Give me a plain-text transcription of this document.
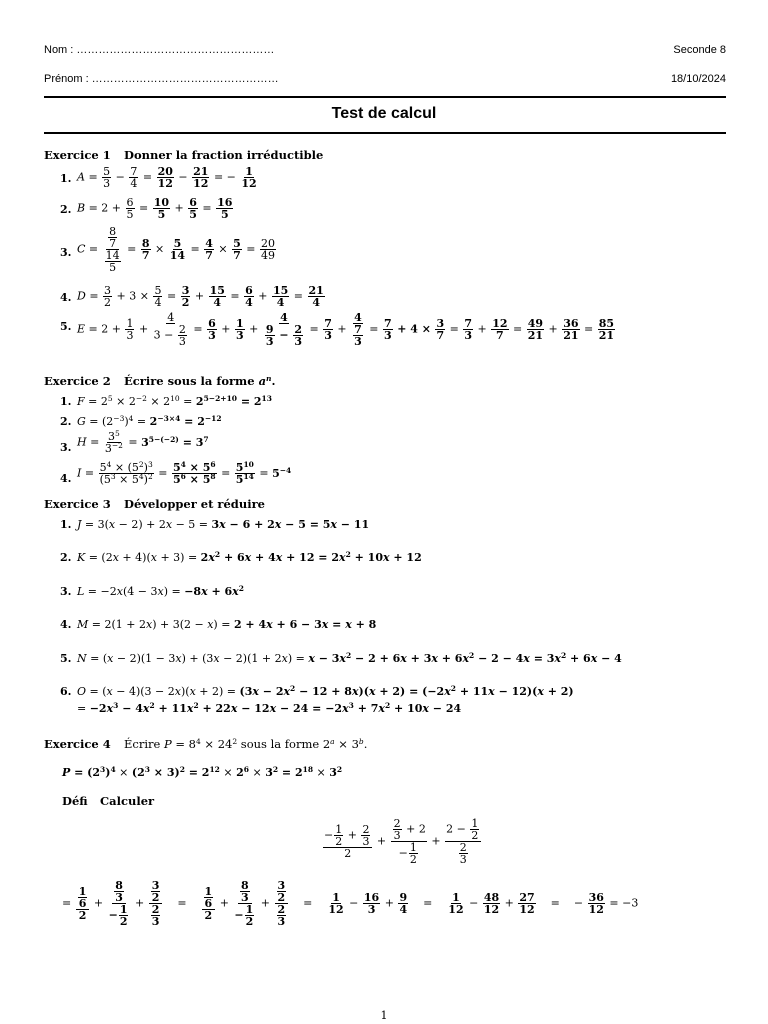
Nom : ………………………………………………	Seconde 8
Prénom : ……………………………………………	18/10/2024
Test de calcul
Exercice 1 Donner la fraction irréductible
1. $A = \frac{5}{3} - \frac{7}{4} = \frac{20}{12} - \frac{21}{12}$ = − $\frac{1}{12}$
2. $B = 2 + \frac{6}{5} = \frac{10}{5} + \frac{6}{5} = \frac{16}{5}$
3. $C = \frac{\frac{8}{7}}{\frac{14}{5}} = \frac{8}{7} \times \frac{5}{14} = \frac{4}{7} \times \frac{5}{7} = \frac{20}{49}$
4. $D = \frac{3}{2} + 3 \times \frac{5}{4} = \frac{3}{2} + \frac{15}{4} = \frac{6}{4} + \frac{15}{4} = \frac{21}{4}$
5. $E = 2 + \frac{1}{3} + \frac{4}{3 - \frac{2}{3}} = \frac{6}{3} + \frac{1}{3} + \frac{4}{\frac{9}{3} - \frac{2}{3}} = \frac{7}{3} + \frac{4}{\frac{7}{3}} = \frac{7}{3} + 4 \times \frac{3}{7} = \frac{7}{3} + \frac{12}{7} = \frac{49}{21} + \frac{36}{21} = \frac{85}{21}$
Exercice 2 Écrire sous la forme $a^n$.
1. $F = 2^5 \times 2^{-2} \times 2^{10} = 2^{5-2+10} = 2^{13}$
2. $G = (2^{-3})^4 = 2^{-3\times 4} = 2^{-12}$
3. $H = \frac{3^5}{3^{-2}} = 3^{5-(-2)} = 3^7$
4. $I = \frac{5^4 \times (5^2)^3}{(5^3 \times 5^4)^2} = \frac{5^4 \times 5^6}{5^6 \times 5^8} = \frac{5^{10}}{5^{14}} = 5^{-4}$
Exercice 3 Développer et réduire
1. J = 3(x − 2) + 2x − 5 = 3x − 6 + 2x − 5 = 5x − 11
2. $K = (2x + 4)(x + 3) = 2x^2 + 6x + 4x + 12 = 2x^2 + 10x + 12$
3. $L = -2x(4 - 3x) = -8x + 6x^2$
4. M = 2(1 + 2x) + 3(2 − x) = 2 + 4x + 6 − 3x = x + 8
5. $N = (x - 2)(1 - 3x) + (3x - 2)(1 + 2x) = x - 3x^2 - 2 + 6x + 3x + 6x^2 - 2 - 4x = 3x^2 + 6x - 4$
6. $O = (x - 4)(3 - 2x)(x + 2) = (3x - 2x^2 - 12 + 8x)(x + 2) = (-2x^2 + 11x - 12)(x + 2)$
= $-2x^3 - 4x^2 + 11x^2 + 22x - 12x - 24 = -2x^3 + 7x^2 + 10x - 24$
Exercice 4 Écrire $P = 8^4 \times 24^2$ sous la forme $2^a \times 3^b$.
$P = (2^3)^4 \times (2^3 \times 3)^2 = 2^{12} \times 2^6 \times 3^2 = 2^{18} \times 3^2$
Défi Calculer
$\frac{- \frac{1}{2} + \frac{2}{3}}{2} + \frac{\frac{2}{3} + 2}{- \frac{1}{2}} + \frac{2 - \frac{1}{2}}{\frac{2}{3}}$
= $\frac{\frac{1}{6}}{2} + \frac{\frac{8}{3}}{- \frac{1}{2}} + \frac{\frac{3}{2}}{\frac{2}{3}} = \frac{\frac{1}{6}}{2} + \frac{\frac{8}{3}}{- \frac{1}{2}} + \frac{\frac{3}{2}}{\frac{2}{3}} = \frac{1}{12} - \frac{16}{3} + \frac{9}{4} = \frac{1}{12} - \frac{48}{12} + \frac{27}{12}$ =    − $\frac{36}{12} = -3$
1
